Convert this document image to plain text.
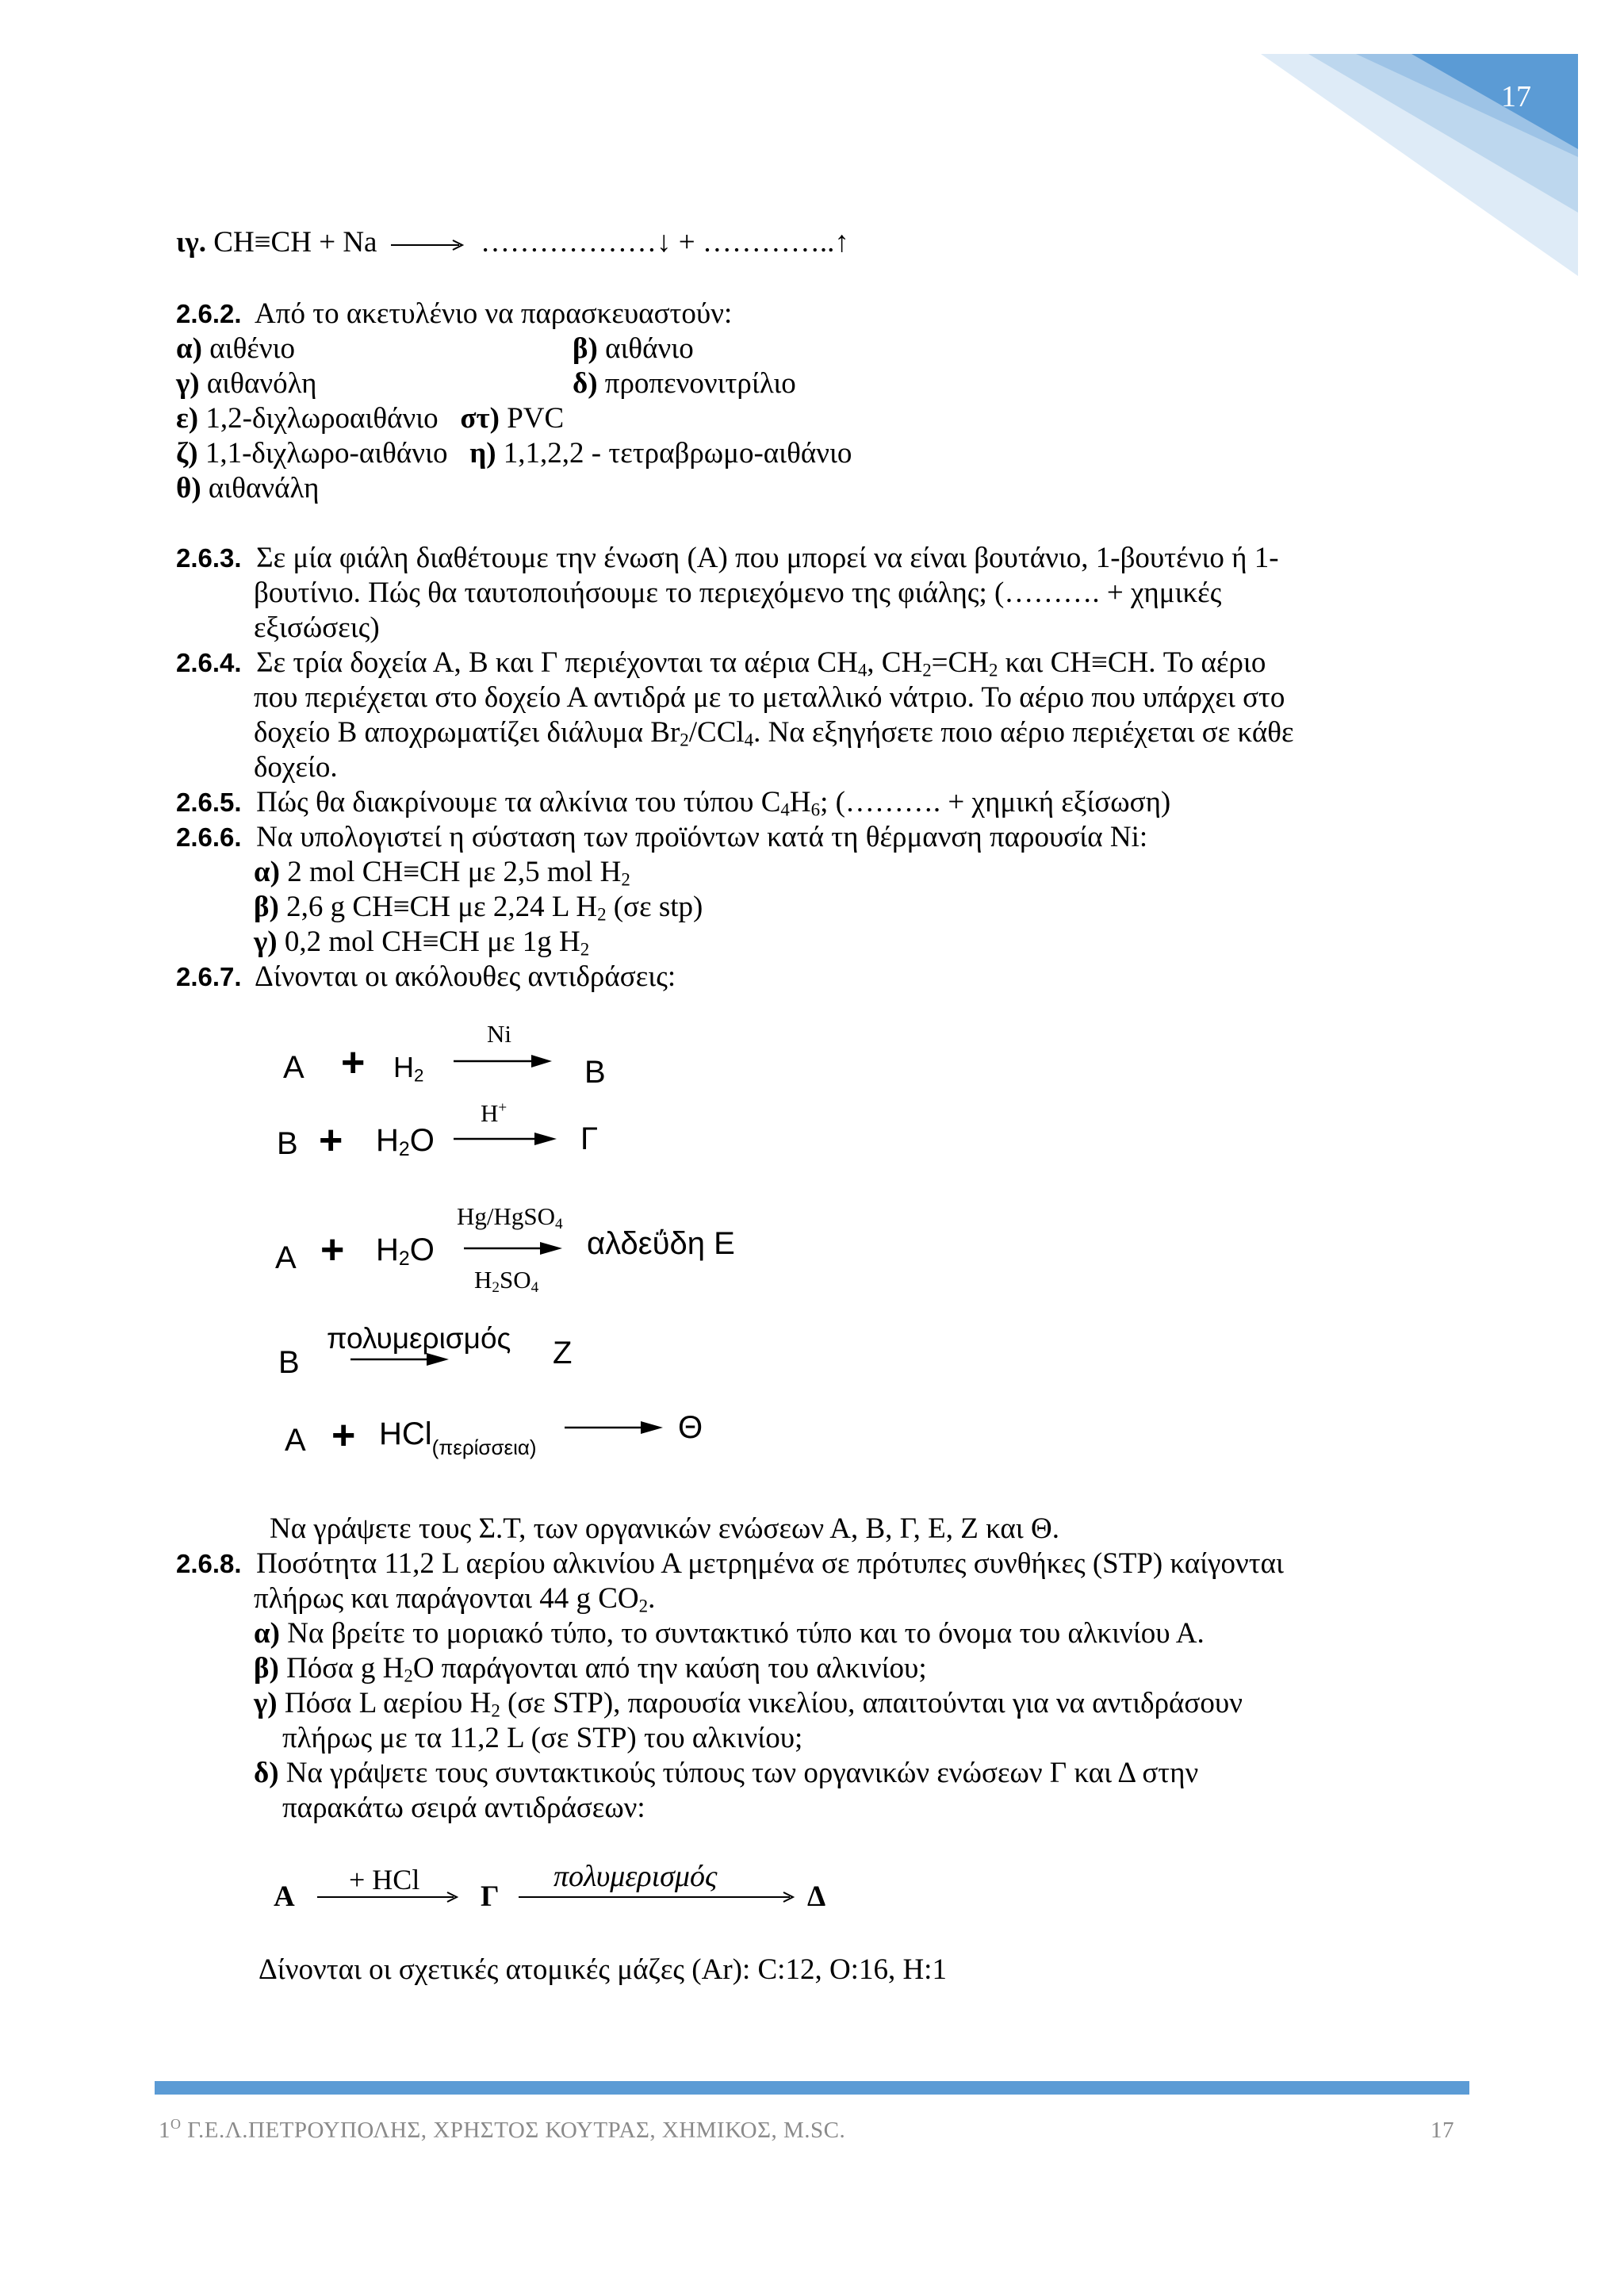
17
ιγ. CH≡CH + Na	………………↓ + …………..↑
2.6.2. Από το ακετυλένιο να παρασκευαστούν:
α) αιθένιο	β) αιθάνιο
γ) αιθανόλη	δ) προπενονιτρίλιο
ε) 1,2-διχλωροαιθάνιο στ) PVC
ζ) 1,1-διχλωρο-αιθάνιο η) 1,1,2,2 - τετραβρωμο-αιθάνιο
θ) αιθανάλη
2.6.3. Σε μία φιάλη διαθέτουμε την ένωση (Α) που μπορεί να είναι βουτάνιο, 1-βουτένιο ή 1-
βουτίνιο. Πώς θα ταυτοποιήσουμε το περιεχόμενο της φιάλης; (………. + χημικές
εξισώσεις)
2.6.4. Σε τρία δοχεία Α, Β και Γ περιέχονται τα αέρια $CH_4$, $CH_2=CH_2$ και CH≡CH. Το αέριο
που περιέχεται στο δοχείο Α αντιδρά με το μεταλλικό νάτριο. Το αέριο που υπάρχει στο
δοχείο Β αποχρωματίζει διάλυμα $Br_2/CCl_4$. Να εξηγήσετε ποιο αέριο περιέχεται σε κάθε
δοχείο.
2.6.5. Πώς θα διακρίνουμε τα αλκίνια του τύπου $C_4H_6$; (………. + χημική εξίσωση)
2.6.6. Να υπολογιστεί η σύσταση των προϊόντων κατά τη θέρμανση παρουσία Ni:
α) 2 mol CH≡CH με 2,5 mol $H_2$
β) 2,6 g CH≡CH με 2,24 L $H_2$ (σε stp)
γ) 0,2 mol CH≡CH με 1g $H_2$
2.6.7. Δίνονται οι ακόλουθες αντιδράσεις:
$A + H_2$
Ni
B
$B + H_2O$
H+
Γ
$A + H_2O$
Hg/HgSO$_4$
$H_2SO_4$
αλδεΰδη Ε
B
πολυμερισμός Z
A + HCl$_{(\pi\varepsilon\rho ί\sigma\sigma\varepsilon\iota\alpha)}$
Θ
Να γράψετε τους Σ.Τ, των οργανικών ενώσεων Α, Β, Γ, Ε, Ζ και Θ.
2.6.8. Ποσότητα 11,2 L αερίου αλκινίου Α μετρημένα σε πρότυπες συνθήκες (STP) καίγονται
πλήρως και παράγονται 44 g $CO_2$.
α) Να βρείτε το μοριακό τύπο, το συντακτικό τύπο και το όνομα του αλκινίου Α.
β) Πόσα g $H_2O$ παράγονται από την καύση του αλκινίου;
γ) Πόσα L αερίου $H_2$ (σε STP), παρουσία νικελίου, απαιτούνται για να αντιδράσουν
πλήρως με τα 11,2 L (σε STP) του αλκινίου;
δ) Να γράψετε τους συντακτικούς τύπους των οργανικών ενώσεων Γ και Δ στην
παρακάτω σειρά αντιδράσεων:
A
+ HCl
Γ
πολυμερισμός
Δ
Δίνονται οι σχετικές ατομικές μάζες (Ar): C:12, O:16, H:1
$1^O$ Γ.Ε.Λ.ΠΕΤΡΟΥΠΟΛΗΣ, ΧΡΗΣΤΟΣ ΚΟΥΤΡΑΣ, ΧΗΜΙΚΟΣ, M.SC.	17
